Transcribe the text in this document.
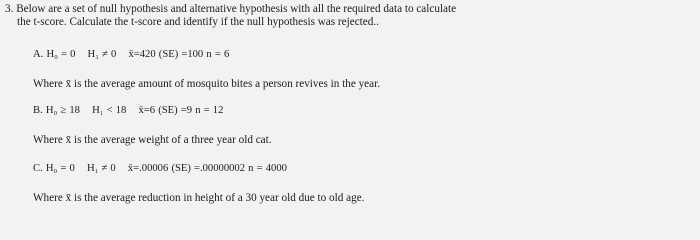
3. Below are a set of null hypothesis and alternative hypothesis with all the required data to calculate
the t-score. Calculate the t-score and identify if the null hypothesis was rejected..
A. H₀ = 0 H₁ ≠ 0 x̄=420 (SE) =100 n = 6
Where x̄ is the average amount of mosquito bites a person revives in the year.
B. H₀ ≥ 18 H₁ < 18 x̄=6 (SE) =9 n = 12
Where x̄ is the average weight of a three year old cat.
C. H₀ = 0 H₁ ≠ 0 x̄=.00006 (SE) =.00000002 n = 4000
Where x̄ is the average reduction in height of a 30 year old due to old age.
